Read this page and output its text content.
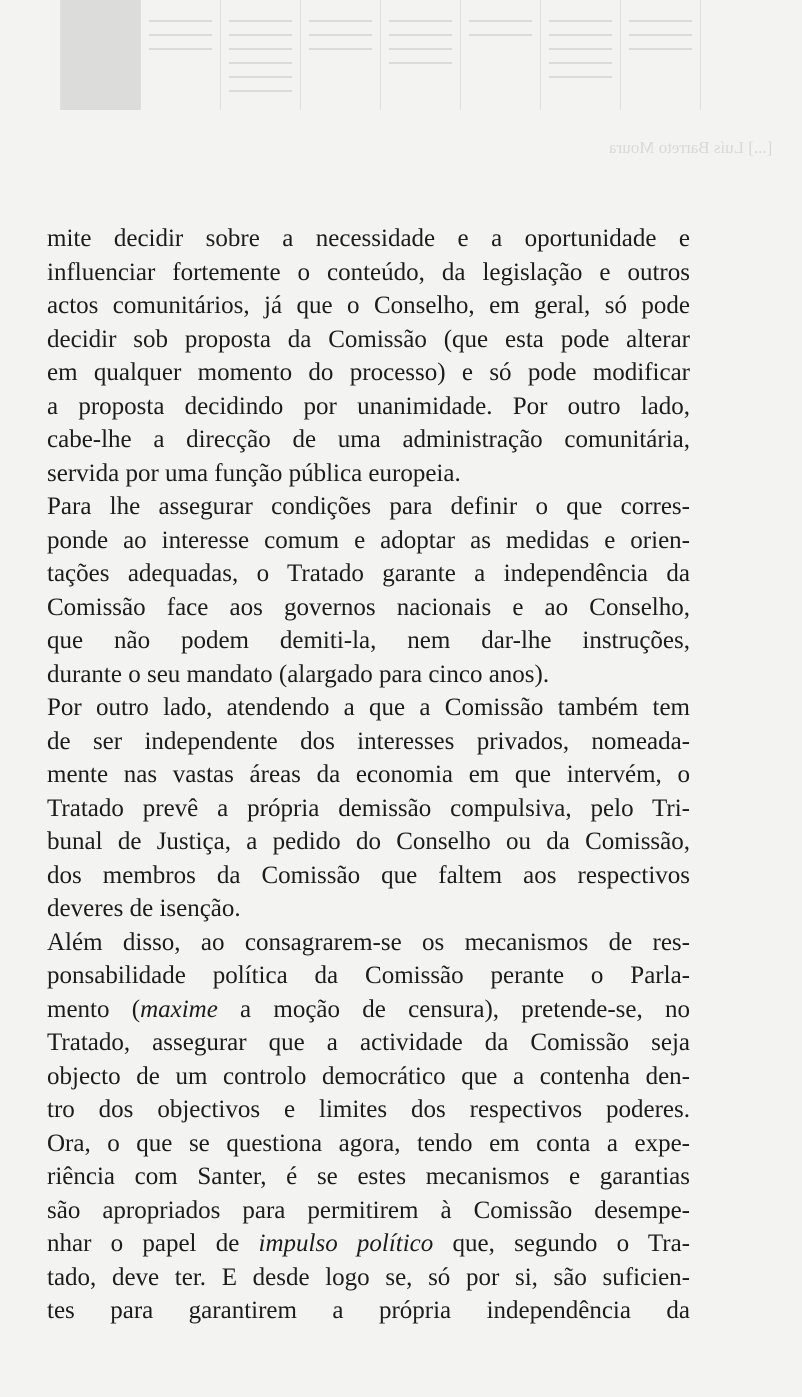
[...] Luís Barreto Moura

mite decidir sobre a necessidade e a oportunidade e
influenciar fortemente o conteúdo, da legislação e outros
actos comunitários, já que o Conselho, em geral, só pode
decidir sob proposta da Comissão (que esta pode alterar
em qualquer momento do processo) e só pode modificar
a proposta decidindo por unanimidade. Por outro lado,
cabe-lhe a direcção de uma administração comunitária,
servida por uma função pública europeia.

Para lhe assegurar condições para definir o que corres-
ponde ao interesse comum e adoptar as medidas e orien-
tações adequadas, o Tratado garante a independência da
Comissão face aos governos nacionais e ao Conselho,
que não podem demiti-la, nem dar-lhe instruções,
durante o seu mandato (alargado para cinco anos).

Por outro lado, atendendo a que a Comissão também tem
de ser independente dos interesses privados, nomeada-
mente nas vastas áreas da economia em que intervém, o
Tratado prevê a própria demissão compulsiva, pelo Tri-
bunal de Justiça, a pedido do Conselho ou da Comissão,
dos membros da Comissão que faltem aos respectivos
deveres de isenção.

Além disso, ao consagrarem-se os mecanismos de res-
ponsabilidade política da Comissão perante o Parla-
mento (maxime a moção de censura), pretende-se, no
Tratado, assegurar que a actividade da Comissão seja
objecto de um controlo democrático que a contenha den-
tro dos objectivos e limites dos respectivos poderes.
Ora, o que se questiona agora, tendo em conta a expe-
riência com Santer, é se estes mecanismos e garantias
são apropriados para permitirem à Comissão desempe-
nhar o papel de impulso político que, segundo o Tra-
tado, deve ter. E desde logo se, só por si, são suficien-
tes para garantirem a própria independência da
